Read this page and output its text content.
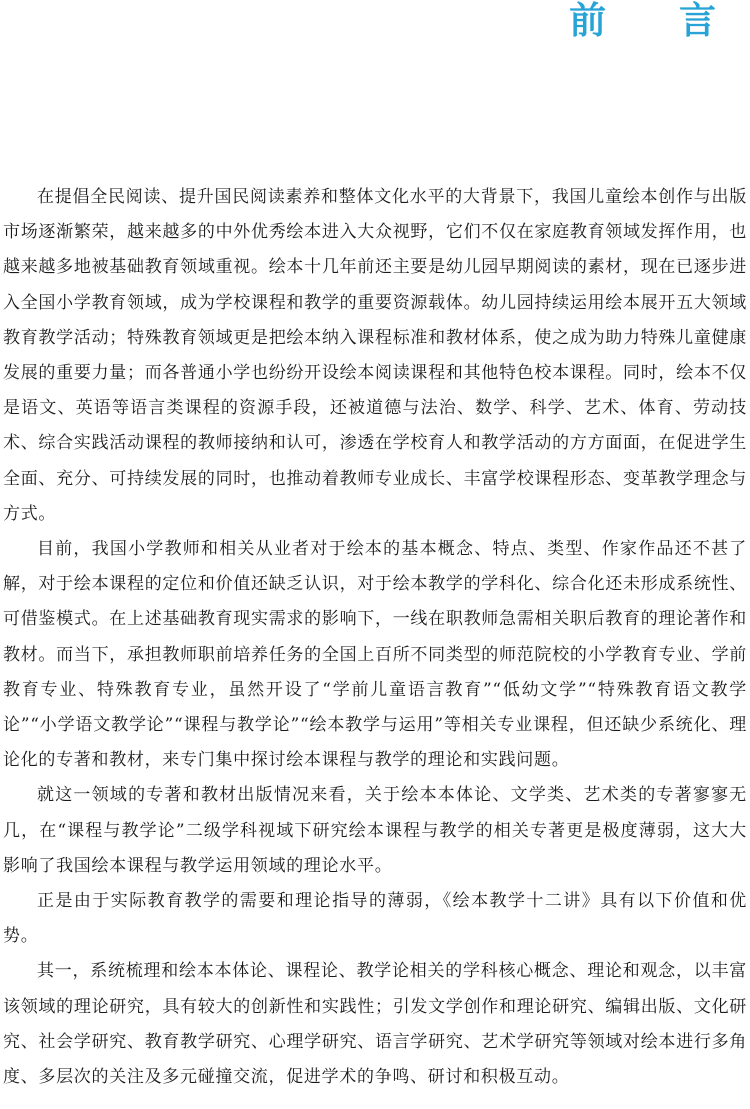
前 言

在提倡全民阅读、提升国民阅读素养和整体文化水平的大背景下，我国儿童绘本创作与出版市场逐渐繁荣，越来越多的中外优秀绘本进入大众视野，它们不仅在家庭教育领域发挥作用，也越来越多地被基础教育领域重视。绘本十几年前还主要是幼儿园早期阅读的素材，现在已逐步进入全国小学教育领域，成为学校课程和教学的重要资源载体。幼儿园持续运用绘本展开五大领域教育教学活动；特殊教育领域更是把绘本纳入课程标准和教材体系，使之成为助力特殊儿童健康发展的重要力量；而各普通小学也纷纷开设绘本阅读课程和其他特色校本课程。同时，绘本不仅是语文、英语等语言类课程的资源手段，还被道德与法治、数学、科学、艺术、体育、劳动技术、综合实践活动课程的教师接纳和认可，渗透在学校育人和教学活动的方方面面，在促进学生全面、充分、可持续发展的同时，也推动着教师专业成长、丰富学校课程形态、变革教学理念与方式。

目前，我国小学教师和相关从业者对于绘本的基本概念、特点、类型、作家作品还不甚了解，对于绘本课程的定位和价值还缺乏认识，对于绘本教学的学科化、综合化还未形成系统性、可借鉴模式。在上述基础教育现实需求的影响下，一线在职教师急需相关职后教育的理论著作和教材。而当下，承担教师职前培养任务的全国上百所不同类型的师范院校的小学教育专业、学前教育专业、特殊教育专业，虽然开设了“学前儿童语言教育”“低幼文学”“特殊教育语文教学论”“小学语文教学论”“课程与教学论”“绘本教学与运用”等相关专业课程，但还缺少系统化、理论化的专著和教材，来专门集中探讨绘本课程与教学的理论和实践问题。

就这一领域的专著和教材出版情况来看，关于绘本本体论、文学类、艺术类的专著寥寥无几，在“课程与教学论”二级学科视域下研究绘本课程与教学的相关专著更是极度薄弱，这大大影响了我国绘本课程与教学运用领域的理论水平。

正是由于实际教育教学的需要和理论指导的薄弱，《绘本教学十二讲》具有以下价值和优势。

其一，系统梳理和绘本本体论、课程论、教学论相关的学科核心概念、理论和观念，以丰富该领域的理论研究，具有较大的创新性和实践性；引发文学创作和理论研究、编辑出版、文化研究、社会学研究、教育教学研究、心理学研究、语言学研究、艺术学研究等领域对绘本进行多角度、多层次的关注及多元碰撞交流，促进学术的争鸣、研讨和积极互动。
